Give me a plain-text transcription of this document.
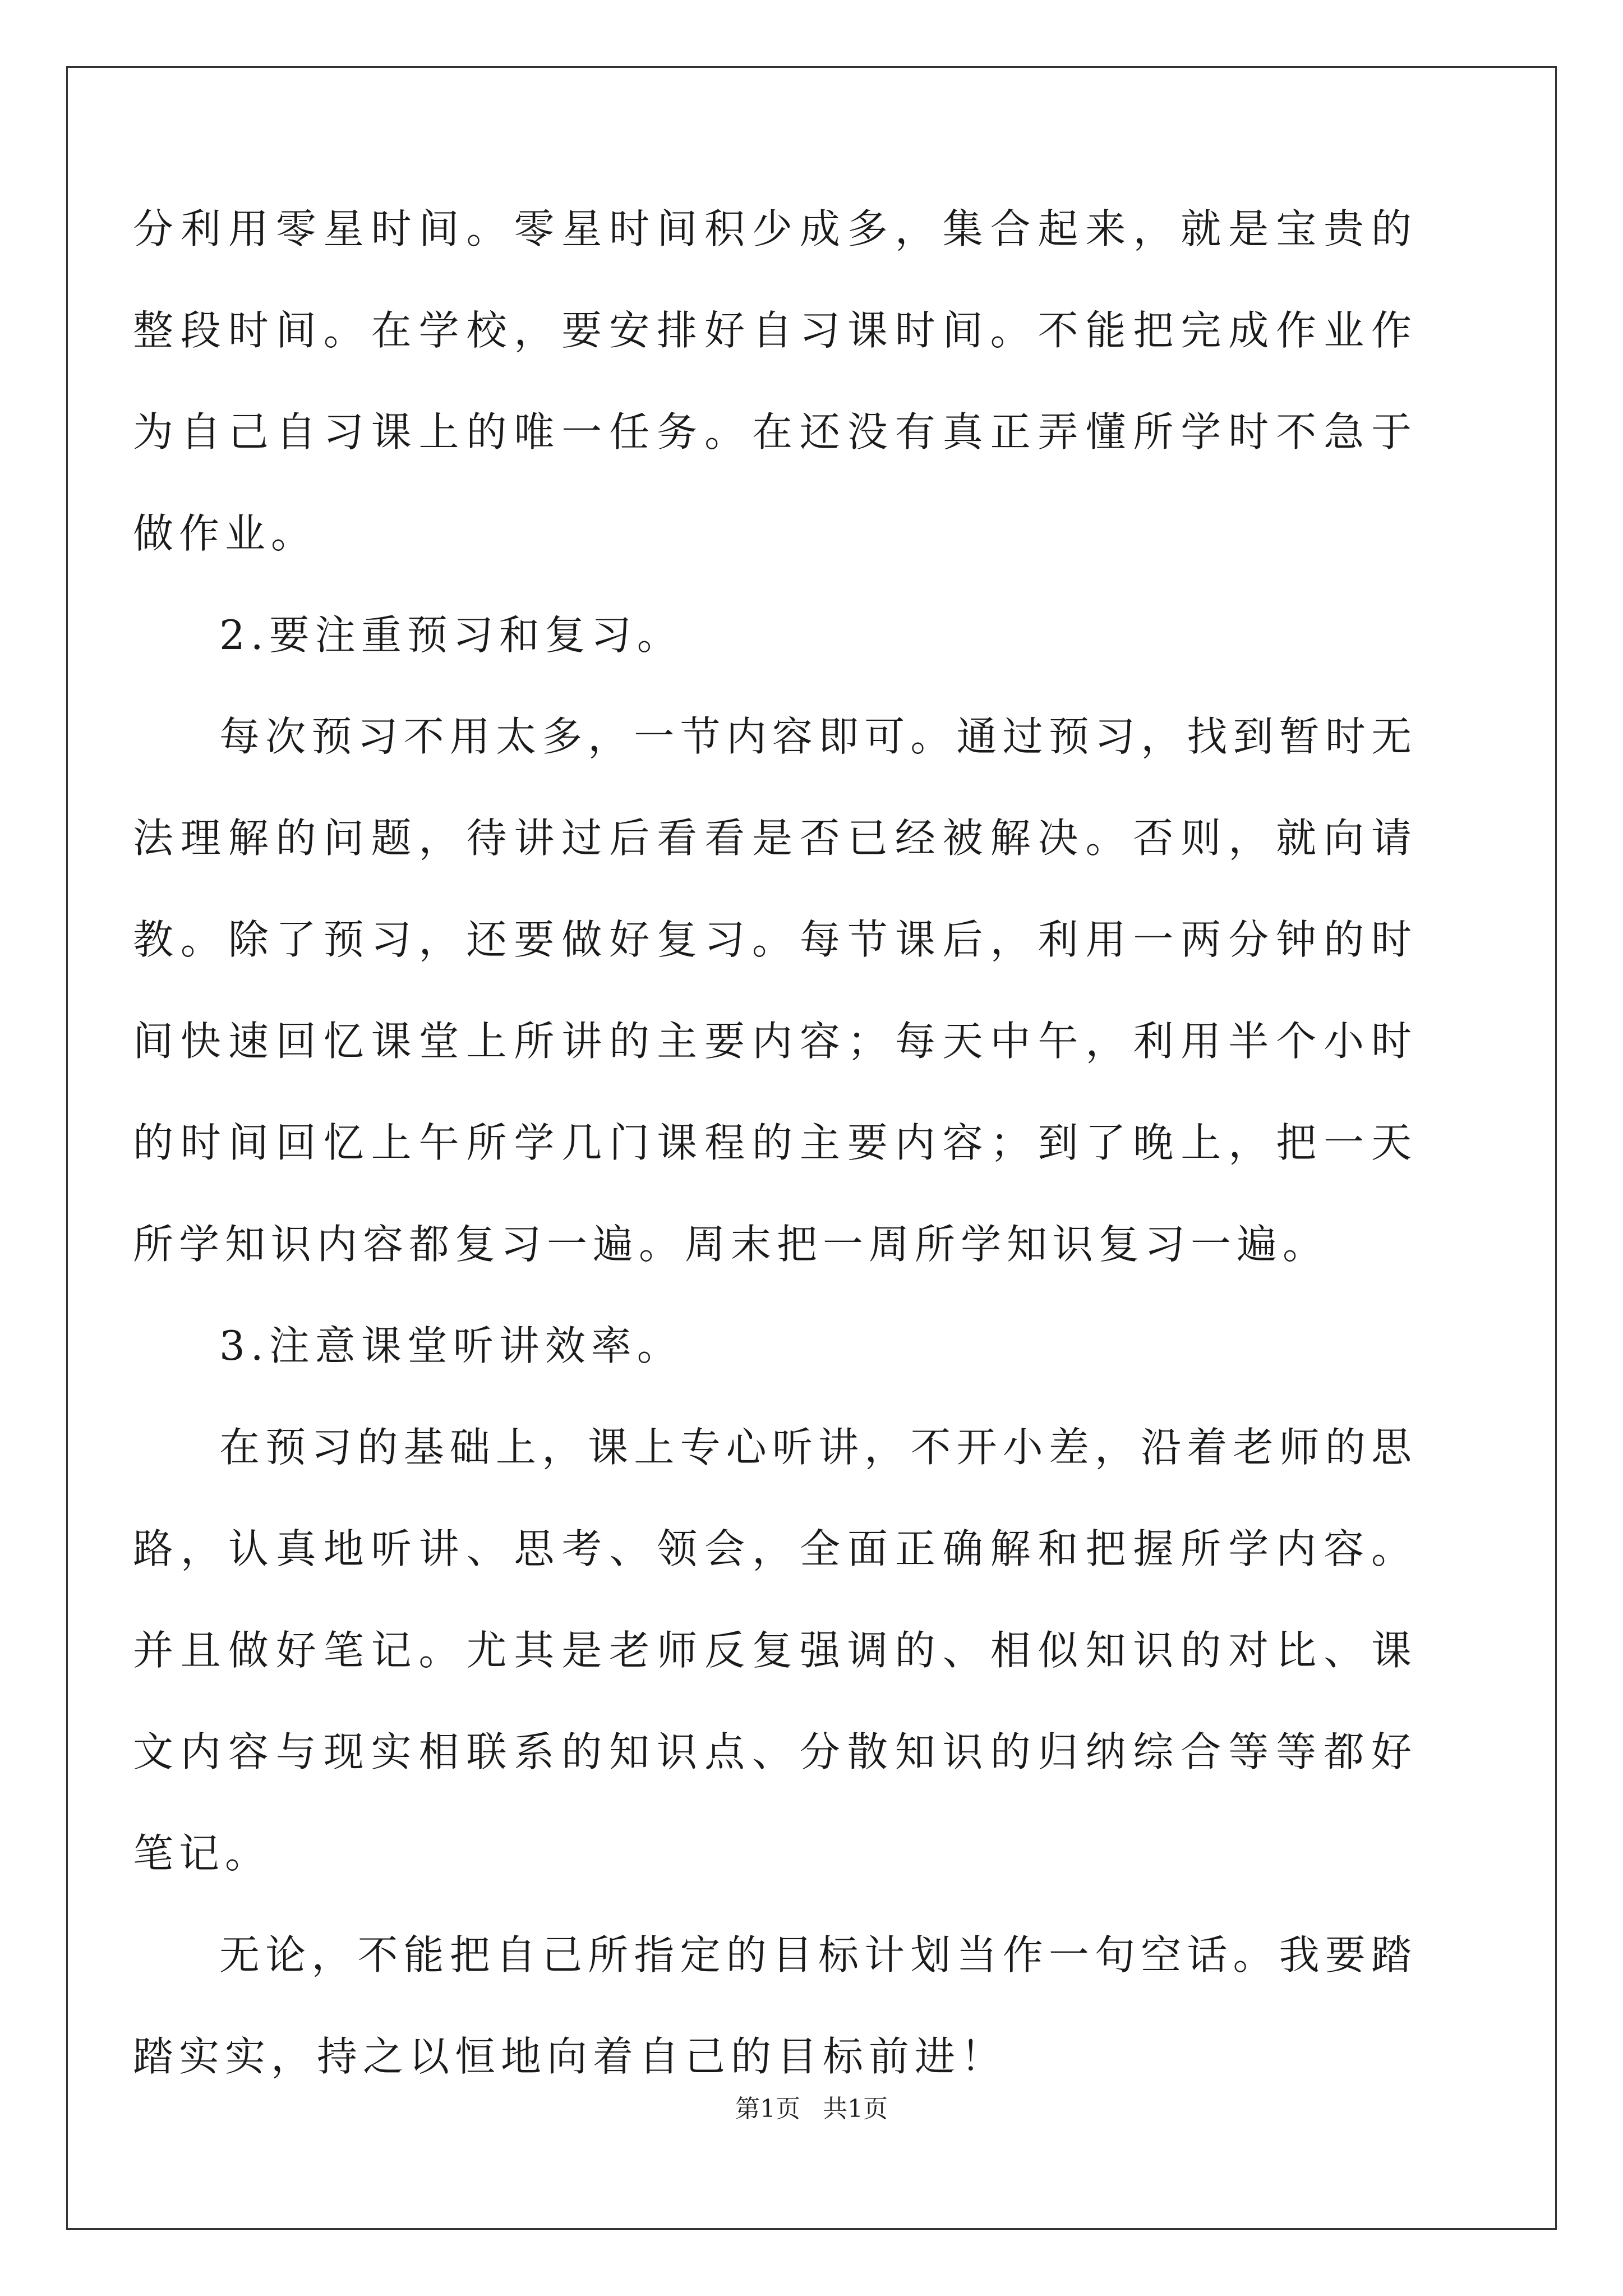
分利用零星时间。零星时间积少成多，集合起来，就是宝贵的整段时间。在学校，要安排好自习课时间。不能把完成作业作为自己自习课上的唯一任务。在还没有真正弄懂所学时不急于做作业。

2.要注重预习和复习。

每次预习不用太多，一节内容即可。通过预习，找到暂时无法理解的问题，待讲过后看看是否已经被解决。否则，就向请教。除了预习，还要做好复习。每节课后，利用一两分钟的时间快速回忆课堂上所讲的主要内容；每天中午，利用半个小时的时间回忆上午所学几门课程的主要内容；到了晚上，把一天所学知识内容都复习一遍。周末把一周所学知识复习一遍。

3.注意课堂听讲效率。

在预习的基础上，课上专心听讲，不开小差，沿着老师的思路，认真地听讲、思考、领会，全面正确解和把握所学内容。并且做好笔记。尤其是老师反复强调的、相似知识的对比、课文内容与现实相联系的知识点、分散知识的归纳综合等等都好笔记。

无论，不能把自己所指定的目标计划当作一句空话。我要踏踏实实，持之以恒地向着自己的目标前进！

第1页 共1页
